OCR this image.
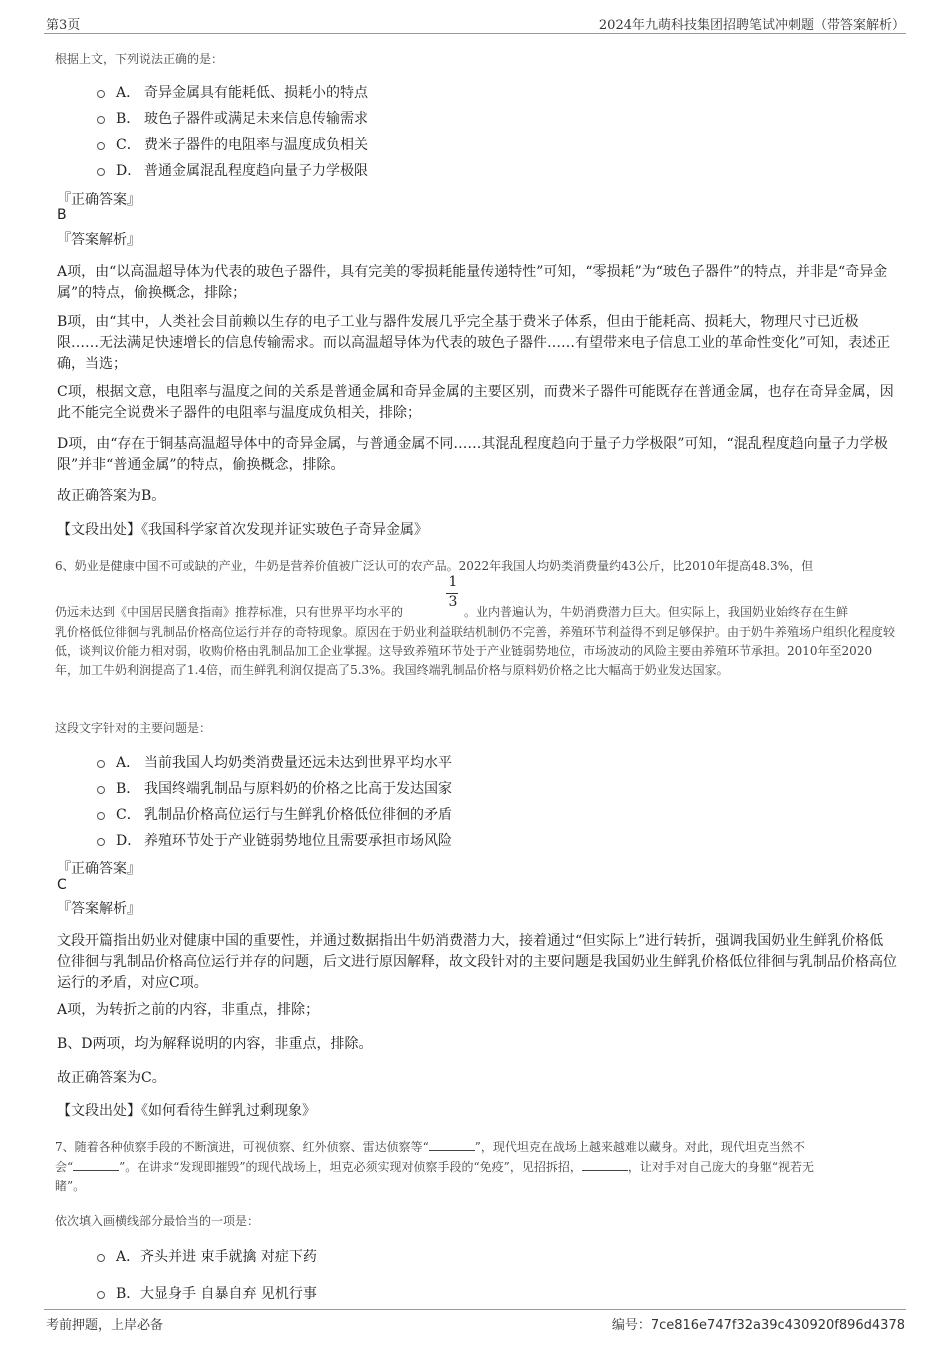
第3页	2024年九萌科技集团招聘笔试冲刺题（带答案解析）
根据上文，下列说法正确的是：
A． 奇异金属具有能耗低、损耗小的特点
B． 玻色子器件或满足未来信息传输需求
C． 费米子器件的电阻率与温度成负相关
D． 普通金属混乱程度趋向量子力学极限
『正确答案』
B
『答案解析』
A项，由“以高温超导体为代表的玻色子器件，具有完美的零损耗能量传递特性”可知，“零损耗”为“玻色子器件”的特点，并非是“奇异金属”的特点，偷换概念，排除；
B项，由“其中，人类社会目前赖以生存的电子工业与器件发展几乎完全基于费米子体系，但由于能耗高、损耗大，物理尺寸已近极限……无法满足快速增长的信息传输需求。而以高温超导体为代表的玻色子器件……有望带来电子信息工业的革命性变化”可知，表述正确，当选；
C项，根据文意，电阻率与温度之间的关系是普通金属和奇异金属的主要区别，而费米子器件可能既存在普通金属，也存在奇异金属，因此不能完全说费米子器件的电阻率与温度成负相关，排除；
D项，由“存在于铜基高温超导体中的奇异金属，与普通金属不同……其混乱程度趋向于量子力学极限”可知，“混乱程度趋向量子力学极限”并非“普通金属”的特点，偷换概念，排除。
故正确答案为B。
【文段出处】《我国科学家首次发现并证实玻色子奇异金属》
6、奶业是健康中国不可或缺的产业，牛奶是营养价值被广泛认可的农产品。2022年我国人均奶类消费量约43公斤，比2010年提高48.3%，但
仍远未达到《中国居民膳食指南》推荐标准，只有世界平均水平的
1
3
。业内普遍认为，牛奶消费潜力巨大。但实际上，我国奶业始终存在生鲜
乳价格低位徘徊与乳制品价格高位运行并存的奇特现象。原因在于奶业利益联结机制仍不完善，养殖环节利益得不到足够保护。由于奶牛养殖场户组织化程度较低，谈判议价能力相对弱，收购价格由乳制品加工企业掌握。这导致养殖环节处于产业链弱势地位，市场波动的风险主要由养殖环节承担。2010年至2020年，加工牛奶利润提高了1.4倍，而生鲜乳利润仅提高了5.3%。我国终端乳制品价格与原料奶价格之比大幅高于奶业发达国家。
这段文字针对的主要问题是：
A． 当前我国人均奶类消费量还远未达到世界平均水平
B． 我国终端乳制品与原料奶的价格之比高于发达国家
C． 乳制品价格高位运行与生鲜乳价格低位徘徊的矛盾
D． 养殖环节处于产业链弱势地位且需要承担市场风险
『正确答案』
C
『答案解析』
文段开篇指出奶业对健康中国的重要性，并通过数据指出牛奶消费潜力大，接着通过“但实际上”进行转折，强调我国奶业生鲜乳价格低位徘徊与乳制品价格高位运行并存的问题，后文进行原因解释，故文段针对的主要问题是我国奶业生鲜乳价格低位徘徊与乳制品价格高位运行的矛盾，对应C项。
A项，为转折之前的内容，非重点，排除；
B、D两项，均为解释说明的内容，非重点，排除。
故正确答案为C。
【文段出处】《如何看待生鲜乳过剩现象》
7、随着各种侦察手段的不断演进，可视侦察、红外侦察、雷达侦察等“	”，现代坦克在战场上越来越难以藏身。对此，现代坦克当然不
会“	”。在讲求“发现即摧毁”的现代战场上，坦克必须实现对侦察手段的“免疫”，见招拆招，	，让对手对自己庞大的身躯“视若无
睹”。
依次填入画横线部分最恰当的一项是：
A． 齐头并进 束手就擒 对症下药
B． 大显身手 自暴自弃 见机行事
考前押题，上岸必备	编号：7ce816e747f32a39c430920f896d4378
